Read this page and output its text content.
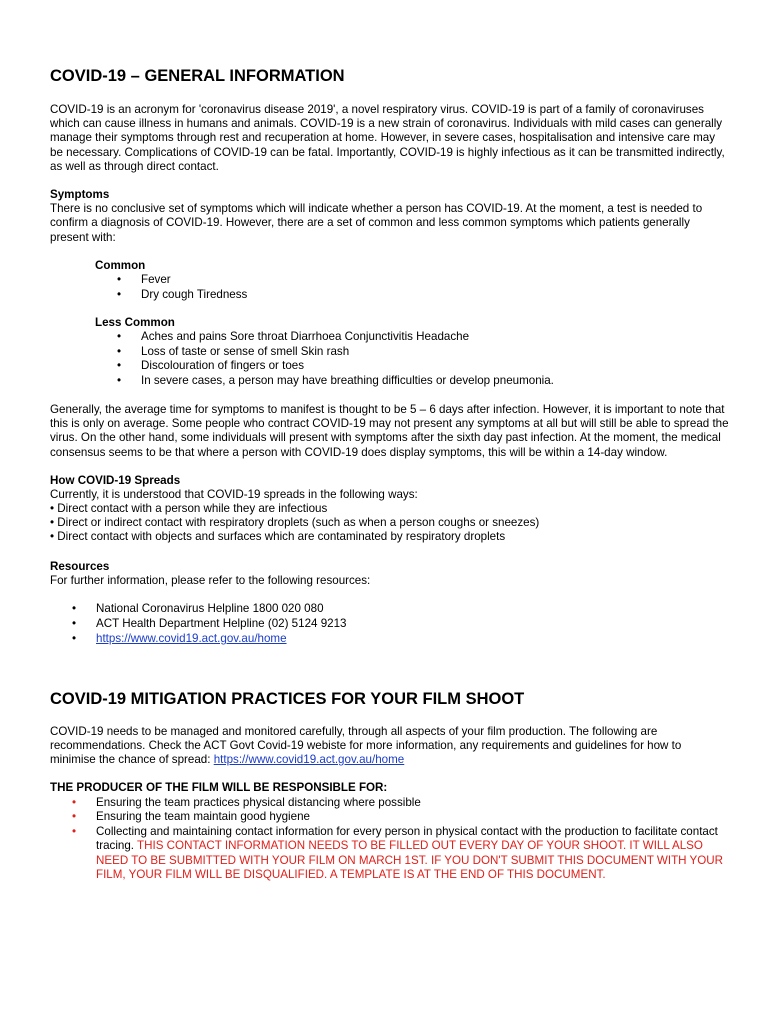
COVID-19 – GENERAL INFORMATION

COVID-19 is an acronym for 'coronavirus disease 2019', a novel respiratory virus. COVID-19 is part of a family of coronaviruses which can cause illness in humans and animals. COVID-19 is a new strain of coronavirus. Individuals with mild cases can generally manage their symptoms through rest and recuperation at home. However, in severe cases, hospitalisation and intensive care may be necessary. Complications of COVID-19 can be fatal. Importantly, COVID-19 is highly infectious as it can be transmitted indirectly, as well as through direct contact.

Symptoms

There is no conclusive set of symptoms which will indicate whether a person has COVID-19. At the moment, a test is needed to confirm a diagnosis of COVID-19. However, there are a set of common and less common symptoms which patients generally present with:

Common
• Fever
• Dry cough Tiredness
Less Common
• Aches and pains Sore throat Diarrhoea Conjunctivitis Headache
• Loss of taste or sense of smell Skin rash
• Discolouration of fingers or toes
• In severe cases, a person may have breathing difficulties or develop pneumonia.

Generally, the average time for symptoms to manifest is thought to be 5 – 6 days after infection. However, it is important to note that this is only on average. Some people who contract COVID-19 may not present any symptoms at all but will still be able to spread the virus. On the other hand, some individuals will present with symptoms after the sixth day past infection. At the moment, the medical consensus seems to be that where a person with COVID-19 does display symptoms, this will be within a 14-day window.

How COVID-19 Spreads

Currently, it is understood that COVID-19 spreads in the following ways:

• Direct contact with a person while they are infectious

• Direct or indirect contact with respiratory droplets (such as when a person coughs or sneezes)

• Direct contact with objects and surfaces which are contaminated by respiratory droplets

Resources

For further information, please refer to the following resources:

• National Coronavirus Helpline 1800 020 080
• ACT Health Department Helpline (02) 5124 9213
• https://www.covid19.act.gov.au/home
COVID-19 MITIGATION PRACTICES FOR YOUR FILM SHOOT

COVID-19 needs to be managed and monitored carefully, through all aspects of your film production. The following are recommendations. Check the ACT Govt Covid-19 webiste for more information, any requirements and guidelines for how to minimise the chance of spread: https://www.covid19.act.gov.au/home

THE PRODUCER OF THE FILM WILL BE RESPONSIBLE FOR:
• Ensuring the team practices physical distancing where possible
• Ensuring the team maintain good hygiene
• Collecting and maintaining contact information for every person in physical contact with the production to facilitate contact tracing. THIS CONTACT INFORMATION NEEDS TO BE FILLED OUT EVERY DAY OF YOUR SHOOT. IT WILL ALSO NEED TO BE SUBMITTED WITH YOUR FILM ON MARCH 1ST. IF YOU DON'T SUBMIT THIS DOCUMENT WITH YOUR FILM, YOUR FILM WILL BE DISQUALIFIED. A TEMPLATE IS AT THE END OF THIS DOCUMENT.
